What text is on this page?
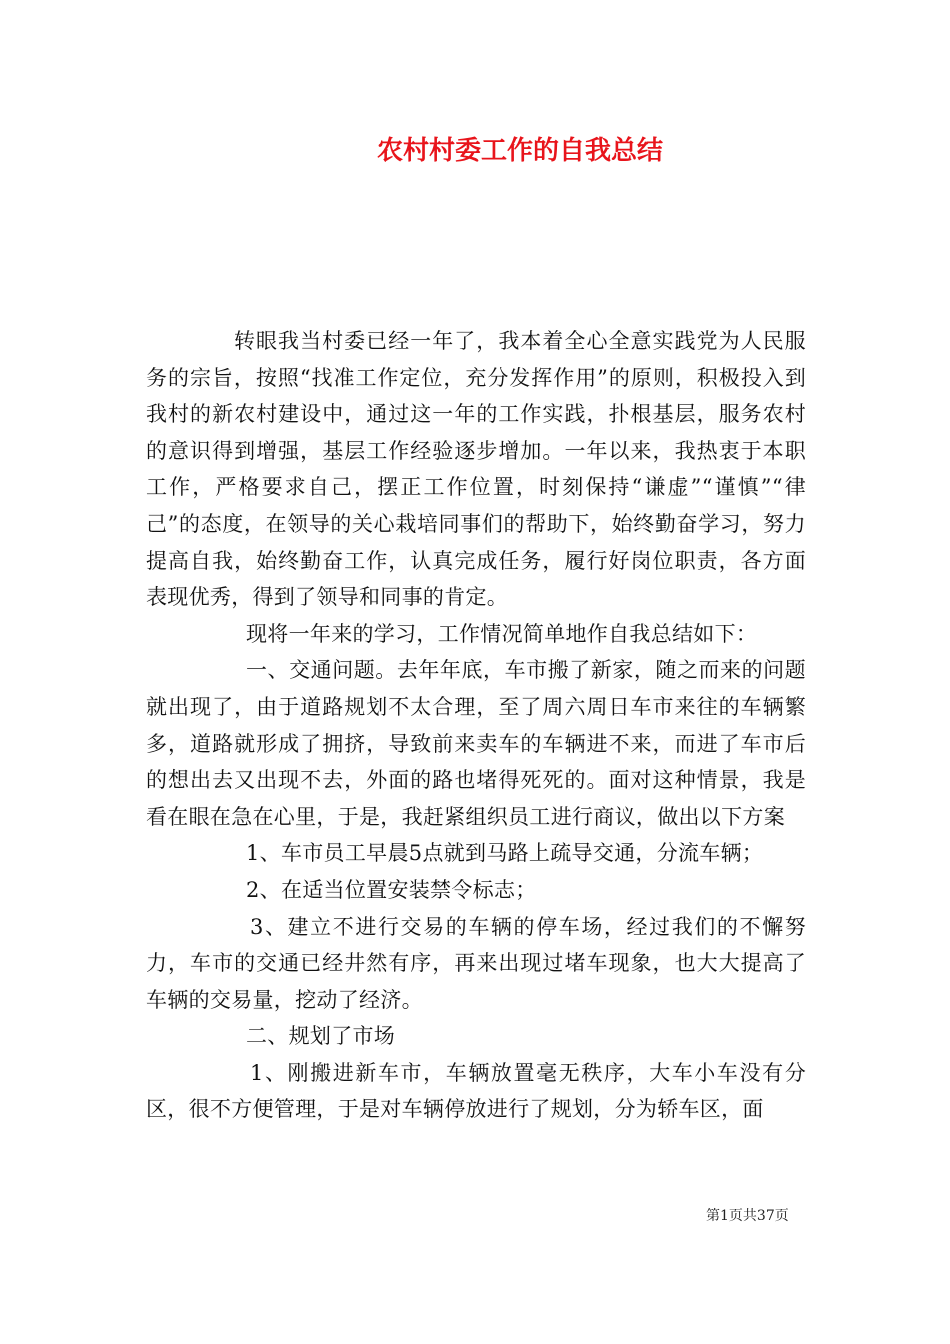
农村村委工作的自我总结

转眼我当村委已经一年了，我本着全心全意实践党为人民服务的宗旨，按照“找准工作定位，充分发挥作用”的原则，积极投入到我村的新农村建设中，通过这一年的工作实践，扑根基层，服务农村的意识得到增强，基层工作经验逐步增加。一年以来，我热衷于本职工作，严格要求自己，摆正工作位置，时刻保持“谦虚”“谨慎”“律己”的态度，在领导的关心栽培同事们的帮助下，始终勤奋学习，努力提高自我，始终勤奋工作，认真完成任务，履行好岗位职责，各方面表现优秀，得到了领导和同事的肯定。

现将一年来的学习，工作情况简单地作自我总结如下：

一、交通问题。去年年底，车市搬了新家，随之而来的问题就出现了，由于道路规划不太合理，至了周六周日车市来往的车辆繁多，道路就形成了拥挤，导致前来卖车的车辆进不来，而进了车市后的想出去又出现不去，外面的路也堵得死死的。面对这种情景，我是看在眼在急在心里，于是，我赶紧组织员工进行商议，做出以下方案

1、车市员工早晨5点就到马路上疏导交通，分流车辆；

2、在适当位置安装禁令标志；

3、建立不进行交易的车辆的停车场，经过我们的不懈努力，车市的交通已经井然有序，再来出现过堵车现象，也大大提高了车辆的交易量，挖动了经济。

二、规划了市场

1、刚搬进新车市，车辆放置毫无秩序，大车小车没有分区，很不方便管理，于是对车辆停放进行了规划，分为轿车区，面

第1页共37页
